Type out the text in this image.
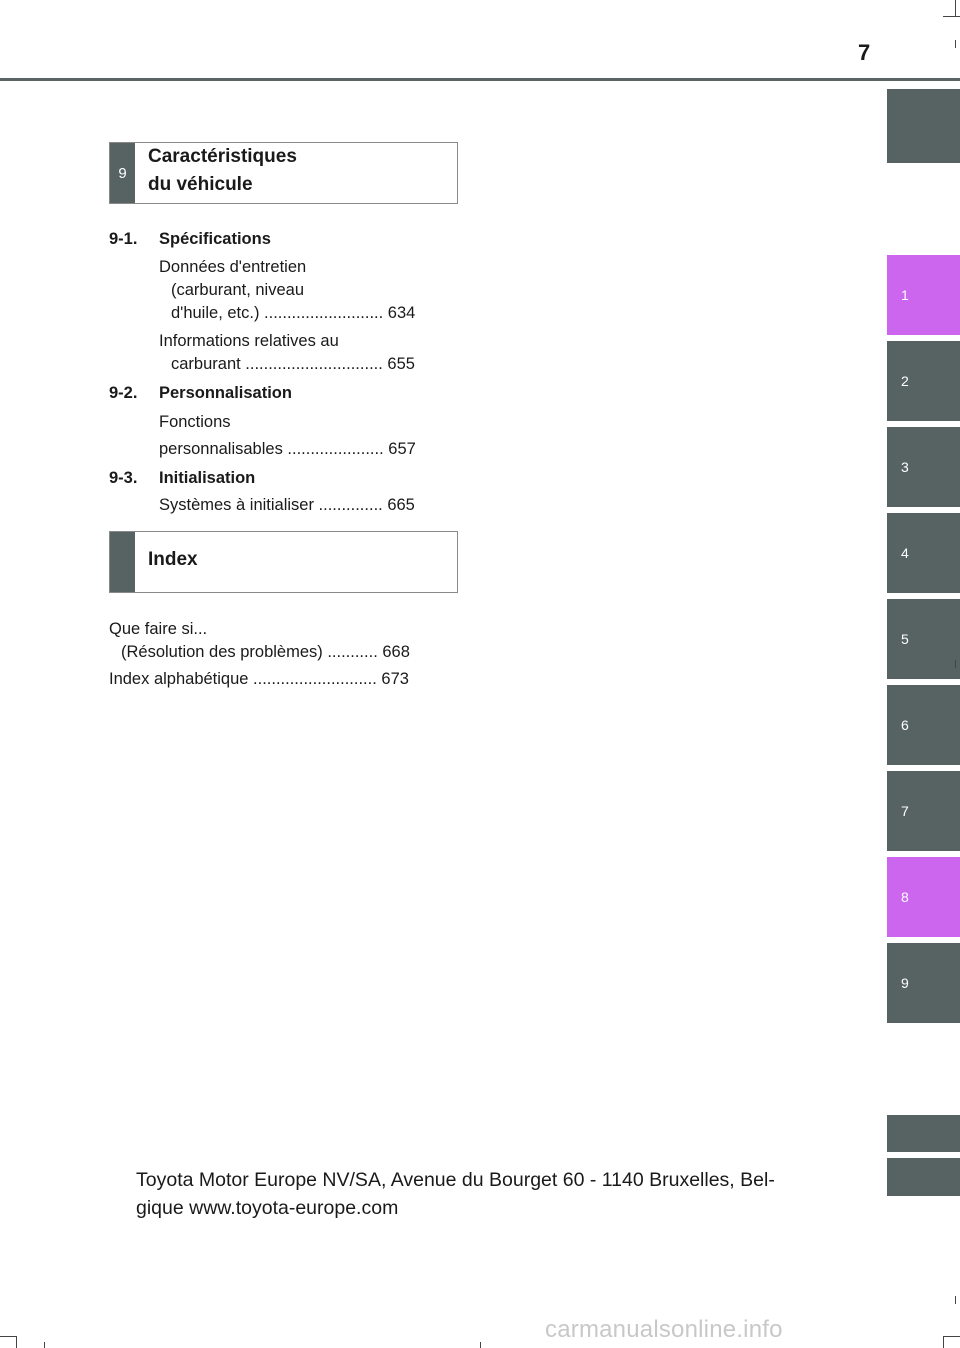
7
1
2
3
4
5
6
7
8
9
9
Caractéristiques
du véhicule
9-1. Spécifications
Données d'entretien
(carburant, niveau
d'huile, etc.) .......................... 634
Informations relatives au
carburant .............................. 655
9-2. Personnalisation
Fonctions
personnalisables ..................... 657
9-3. Initialisation
Systèmes à initialiser .............. 665
Index
Que faire si...
(Résolution des problèmes) ........... 668
Index alphabétique ........................... 673
Toyota Motor Europe NV/SA, Avenue du Bourget 60 - 1140 Bruxelles, Bel-
gique www.toyota-europe.com
carmanualsonline.info
